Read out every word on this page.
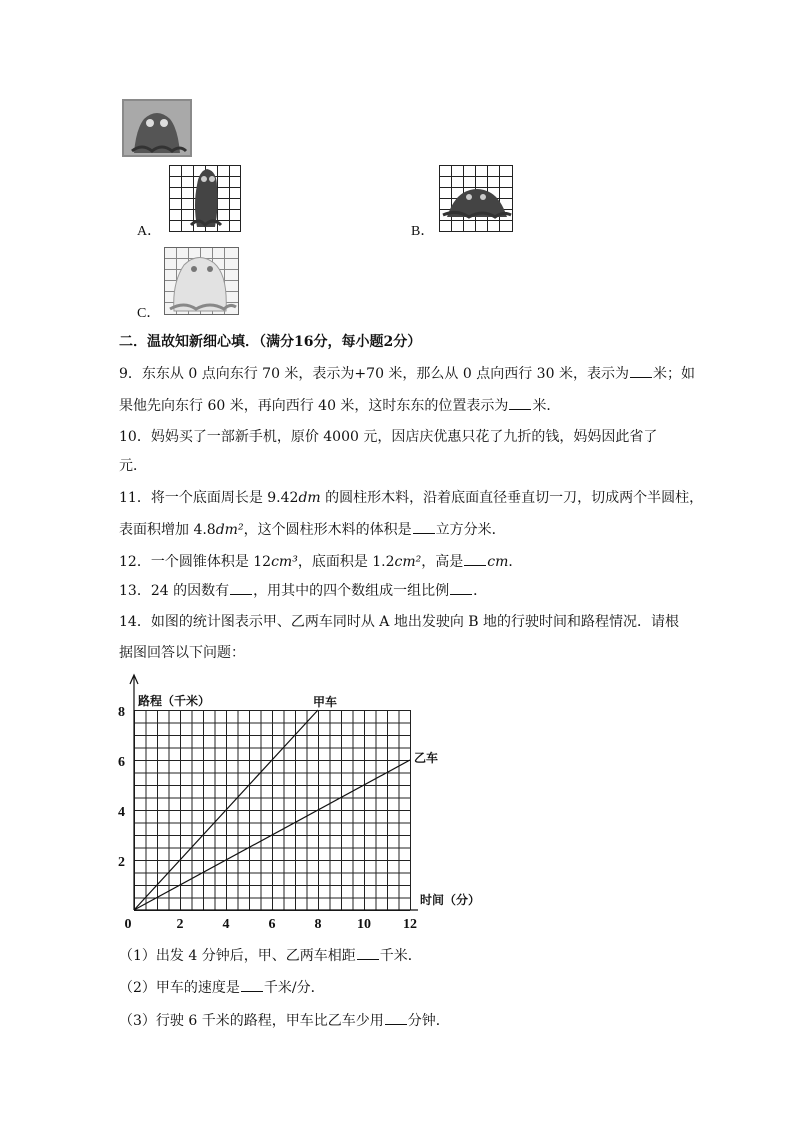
A．	B．
C．
二．温故知新细心填．（满分16分，每小题2分）
9．东东从 0 点向东行 70 米，表示为+70 米，那么从 0 点向西行 30 米，表示为 米；如
果他先向东行 60 米，再向西行 40 米，这时东东的位置表示为 米．
10．妈妈买了一部新手机，原价 4000 元，因店庆优惠只花了九折的钱，妈妈因此省了
元．
11．将一个底面周长是 9.42dm 的圆柱形木料，沿着底面直径垂直切一刀，切成两个半圆柱，
表面积增加 4.8dm²，这个圆柱形木料的体积是 立方分米．
12．一个圆锥体积是 12cm³，底面积是 1.2cm²，高是 cm．
13．24 的因数有 ，用其中的四个数组成一组比例 ．
14．如图的统计图表示甲、乙两车同时从 A 地出发驶向 B 地的行驶时间和路程情况．请根
据图回答以下问题：
2
4
6
8
0	2	4	6	8	10 12
路程（千米）
时间（分）
甲车
乙车
（1）出发 4 分钟后，甲、乙两车相距 千米．
（2）甲车的速度是 千米/分．
（3）行驶 6 千米的路程，甲车比乙车少用 分钟．
